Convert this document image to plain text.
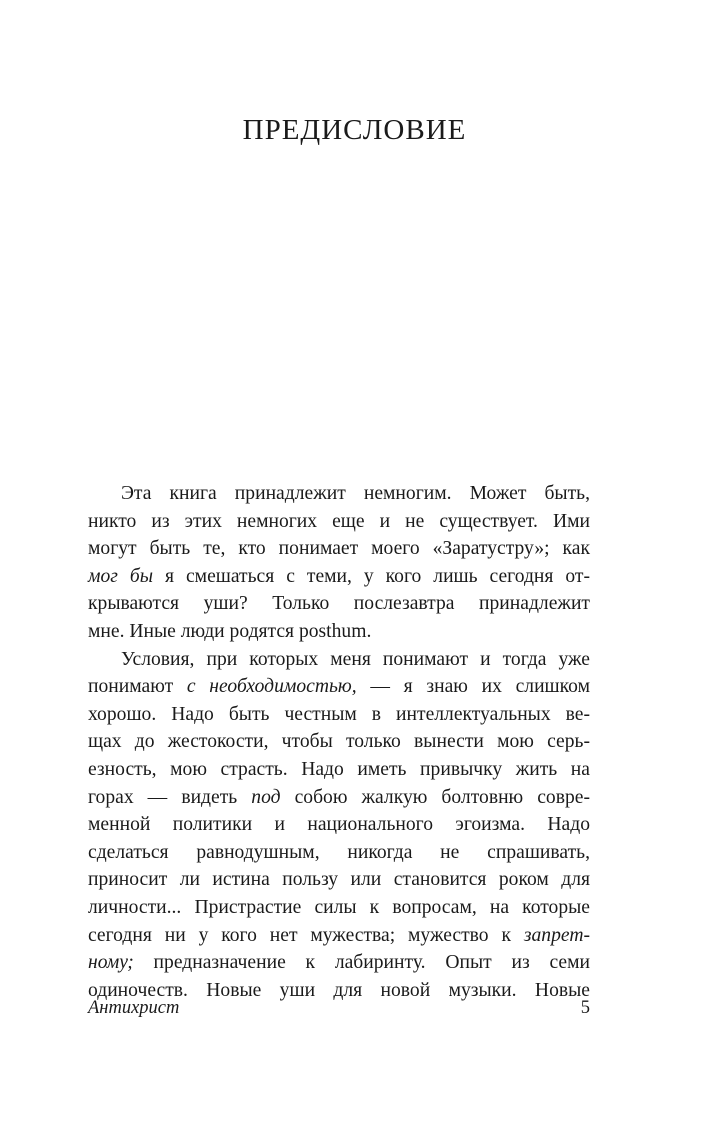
ПРЕДИСЛОВИЕ
Эта книга принадлежит немногим. Может быть,
никто из этих немногих еще и не существует. Ими
могут быть те, кто понимает моего «Заратустру»; как
мог бы я смешаться с теми, у кого лишь сегодня от-
крываются уши? Только послезавтра принадлежит
мне. Иные люди родятся posthum.
Условия, при которых меня понимают и тогда уже
понимают с необходимостью, — я знаю их слишком
хорошо. Надо быть честным в интеллектуальных ве-
щах до жестокости, чтобы только вынести мою серь-
езность, мою страсть. Надо иметь привычку жить на
горах — видеть под собою жалкую болтовню совре-
менной политики и национального эгоизма. Надо
сделаться равнодушным, никогда не спрашивать,
приносит ли истина пользу или становится роком для
личности... Пристрастие силы к вопросам, на которые
сегодня ни у кого нет мужества; мужество к запрет-
ному; предназначение к лабиринту. Опыт из семи
одиночеств. Новые уши для новой музыки. Новые
Антихрист	5
